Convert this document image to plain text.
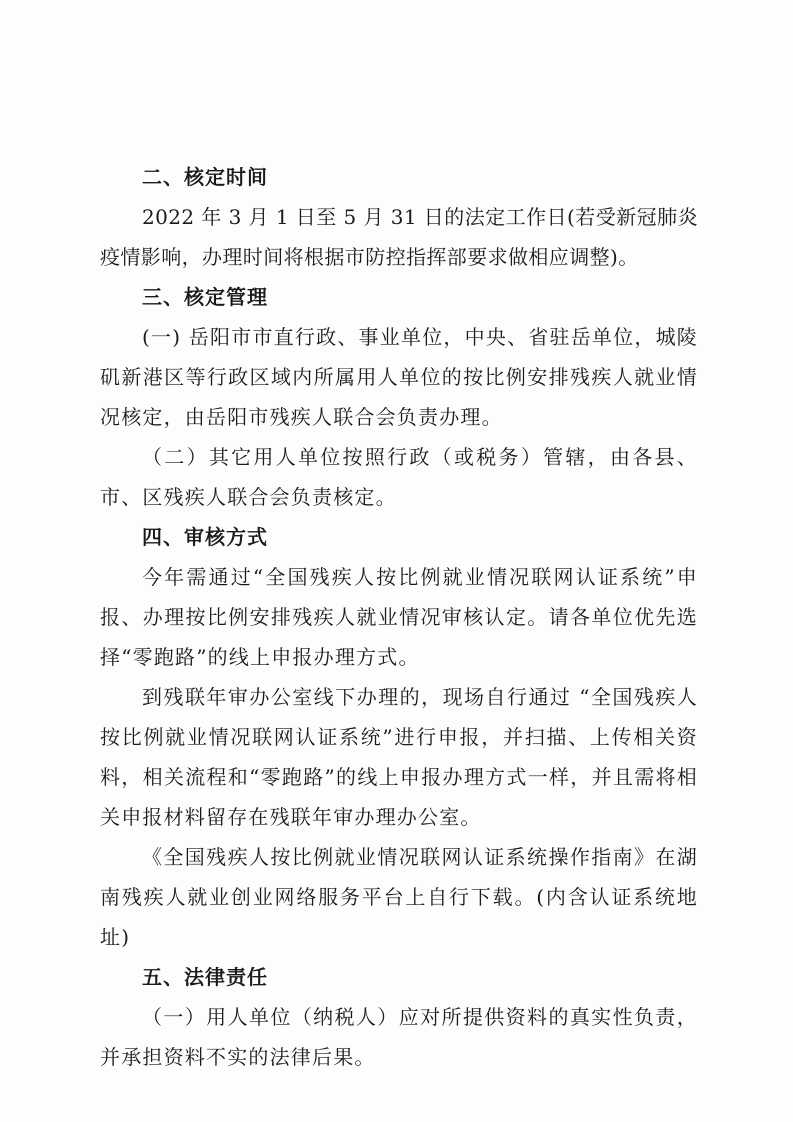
二、核定时间

2022 年 3 月 1 日至 5 月 31 日的法定工作日(若受新冠肺炎疫情影响，办理时间将根据市防控指挥部要求做相应调整)。

三、核定管理

(一) 岳阳市市直行政、事业单位，中央、省驻岳单位，城陵矶新港区等行政区域内所属用人单位的按比例安排残疾人就业情况核定，由岳阳市残疾人联合会负责办理。

（二）其它用人单位按照行政（或税务）管辖，由各县、市、区残疾人联合会负责核定。

四、审核方式

今年需通过“全国残疾人按比例就业情况联网认证系统”申报、办理按比例安排残疾人就业情况审核认定。请各单位优先选择“零跑路”的线上申报办理方式。

到残联年审办公室线下办理的，现场自行通过 “全国残疾人按比例就业情况联网认证系统”进行申报，并扫描、上传相关资料，相关流程和“零跑路”的线上申报办理方式一样，并且需将相关申报材料留存在残联年审办理办公室。

《全国残疾人按比例就业情况联网认证系统操作指南》在湖南残疾人就业创业网络服务平台上自行下载。(内含认证系统地址)

五、法律责任

（一）用人单位（纳税人）应对所提供资料的真实性负责，并承担资料不实的法律后果。
